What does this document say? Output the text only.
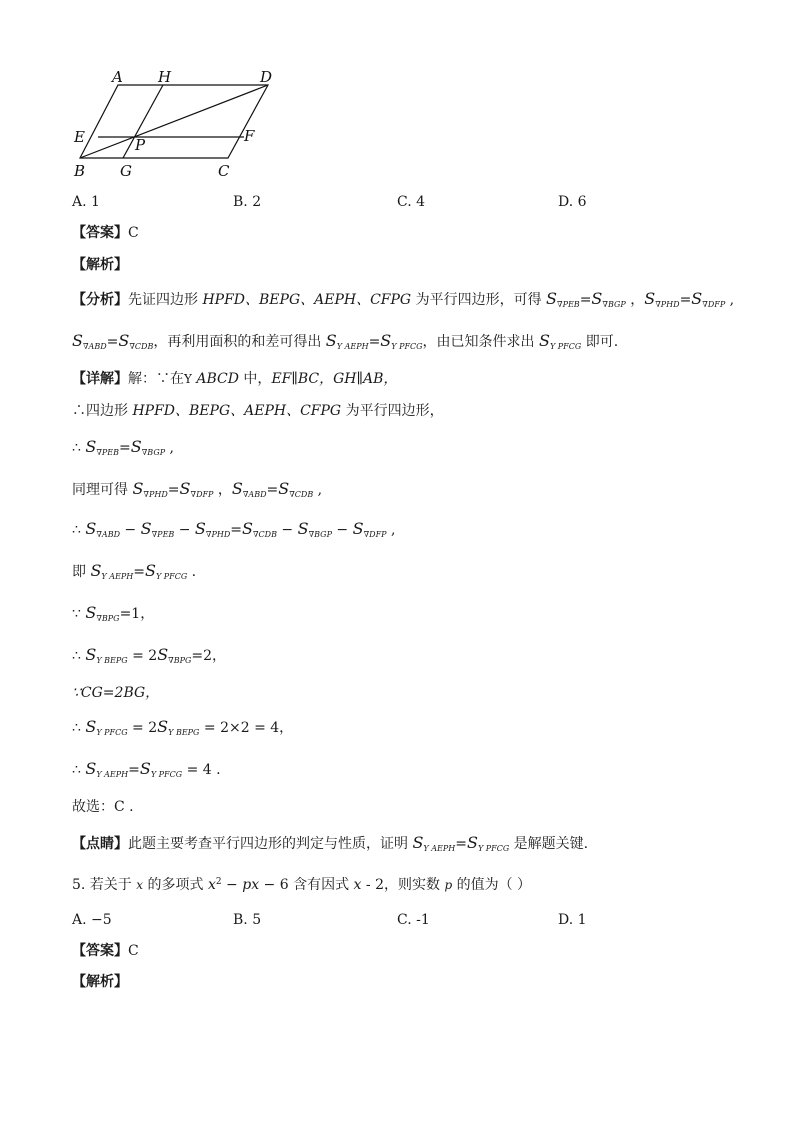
A H	D
E	F
P
B G	C
A. 1	B. 2	C. 4	D. 6
【答案】C
【解析】
【分析】先证四边形 HPFD、BEPG、AEPH、CFPG 为平行四边形，可得 $S_{\nabla PEB}=S_{\nabla BGP}$ ，$S_{\nabla PHD}=S_{\nabla DFP}$ ,
$S_{\nabla ABD}=S_{\nabla CDB}$，再利用面积的和差可得出 $S_{Y AEPH}=S_{Y PFCG}$，由已知条件求出 $S_{Y PFCG}$ 即可.
【详解】解：∵在Y ABCD 中，EF∥BC，GH∥AB，
∴四边形 HPFD、BEPG、AEPH、CFPG 为平行四边形，
∴ $S_{\nabla PEB}=S_{\nabla BGP}$ ,
同理可得 $S_{\nabla PHD}=S_{\nabla DFP}$ ，$S_{\nabla ABD}=S_{\nabla CDB}$ ,
∴ $S_{\nabla ABD} - S_{\nabla PEB} - S_{\nabla PHD}=S_{\nabla CDB} - S_{\nabla BGP} - S_{\nabla DFP}$ ,
即 $S_{Y AEPH}=S_{Y PFCG}$ .
∵ $S_{\nabla BPG}=1$，
∴ $S_{Y BEPG} = 2S_{\nabla BPG}=2$，
∵CG=2BG，
∴ $S_{Y PFCG} = 2S_{Y BEPG} = 2\times 2 = 4$，
∴ $S_{Y AEPH}=S_{Y PFCG} = 4$ .
故选：C .
【点睛】此题主要考查平行四边形的判定与性质，证明 $S_{Y AEPH}=S_{Y PFCG}$ 是解题关键.
5. 若关于 x 的多项式 $x^2$ − px − 6 含有因式 x - 2，则实数 p 的值为（ ）
A. −5	B. 5	C. -1	D. 1
【答案】C
【解析】
